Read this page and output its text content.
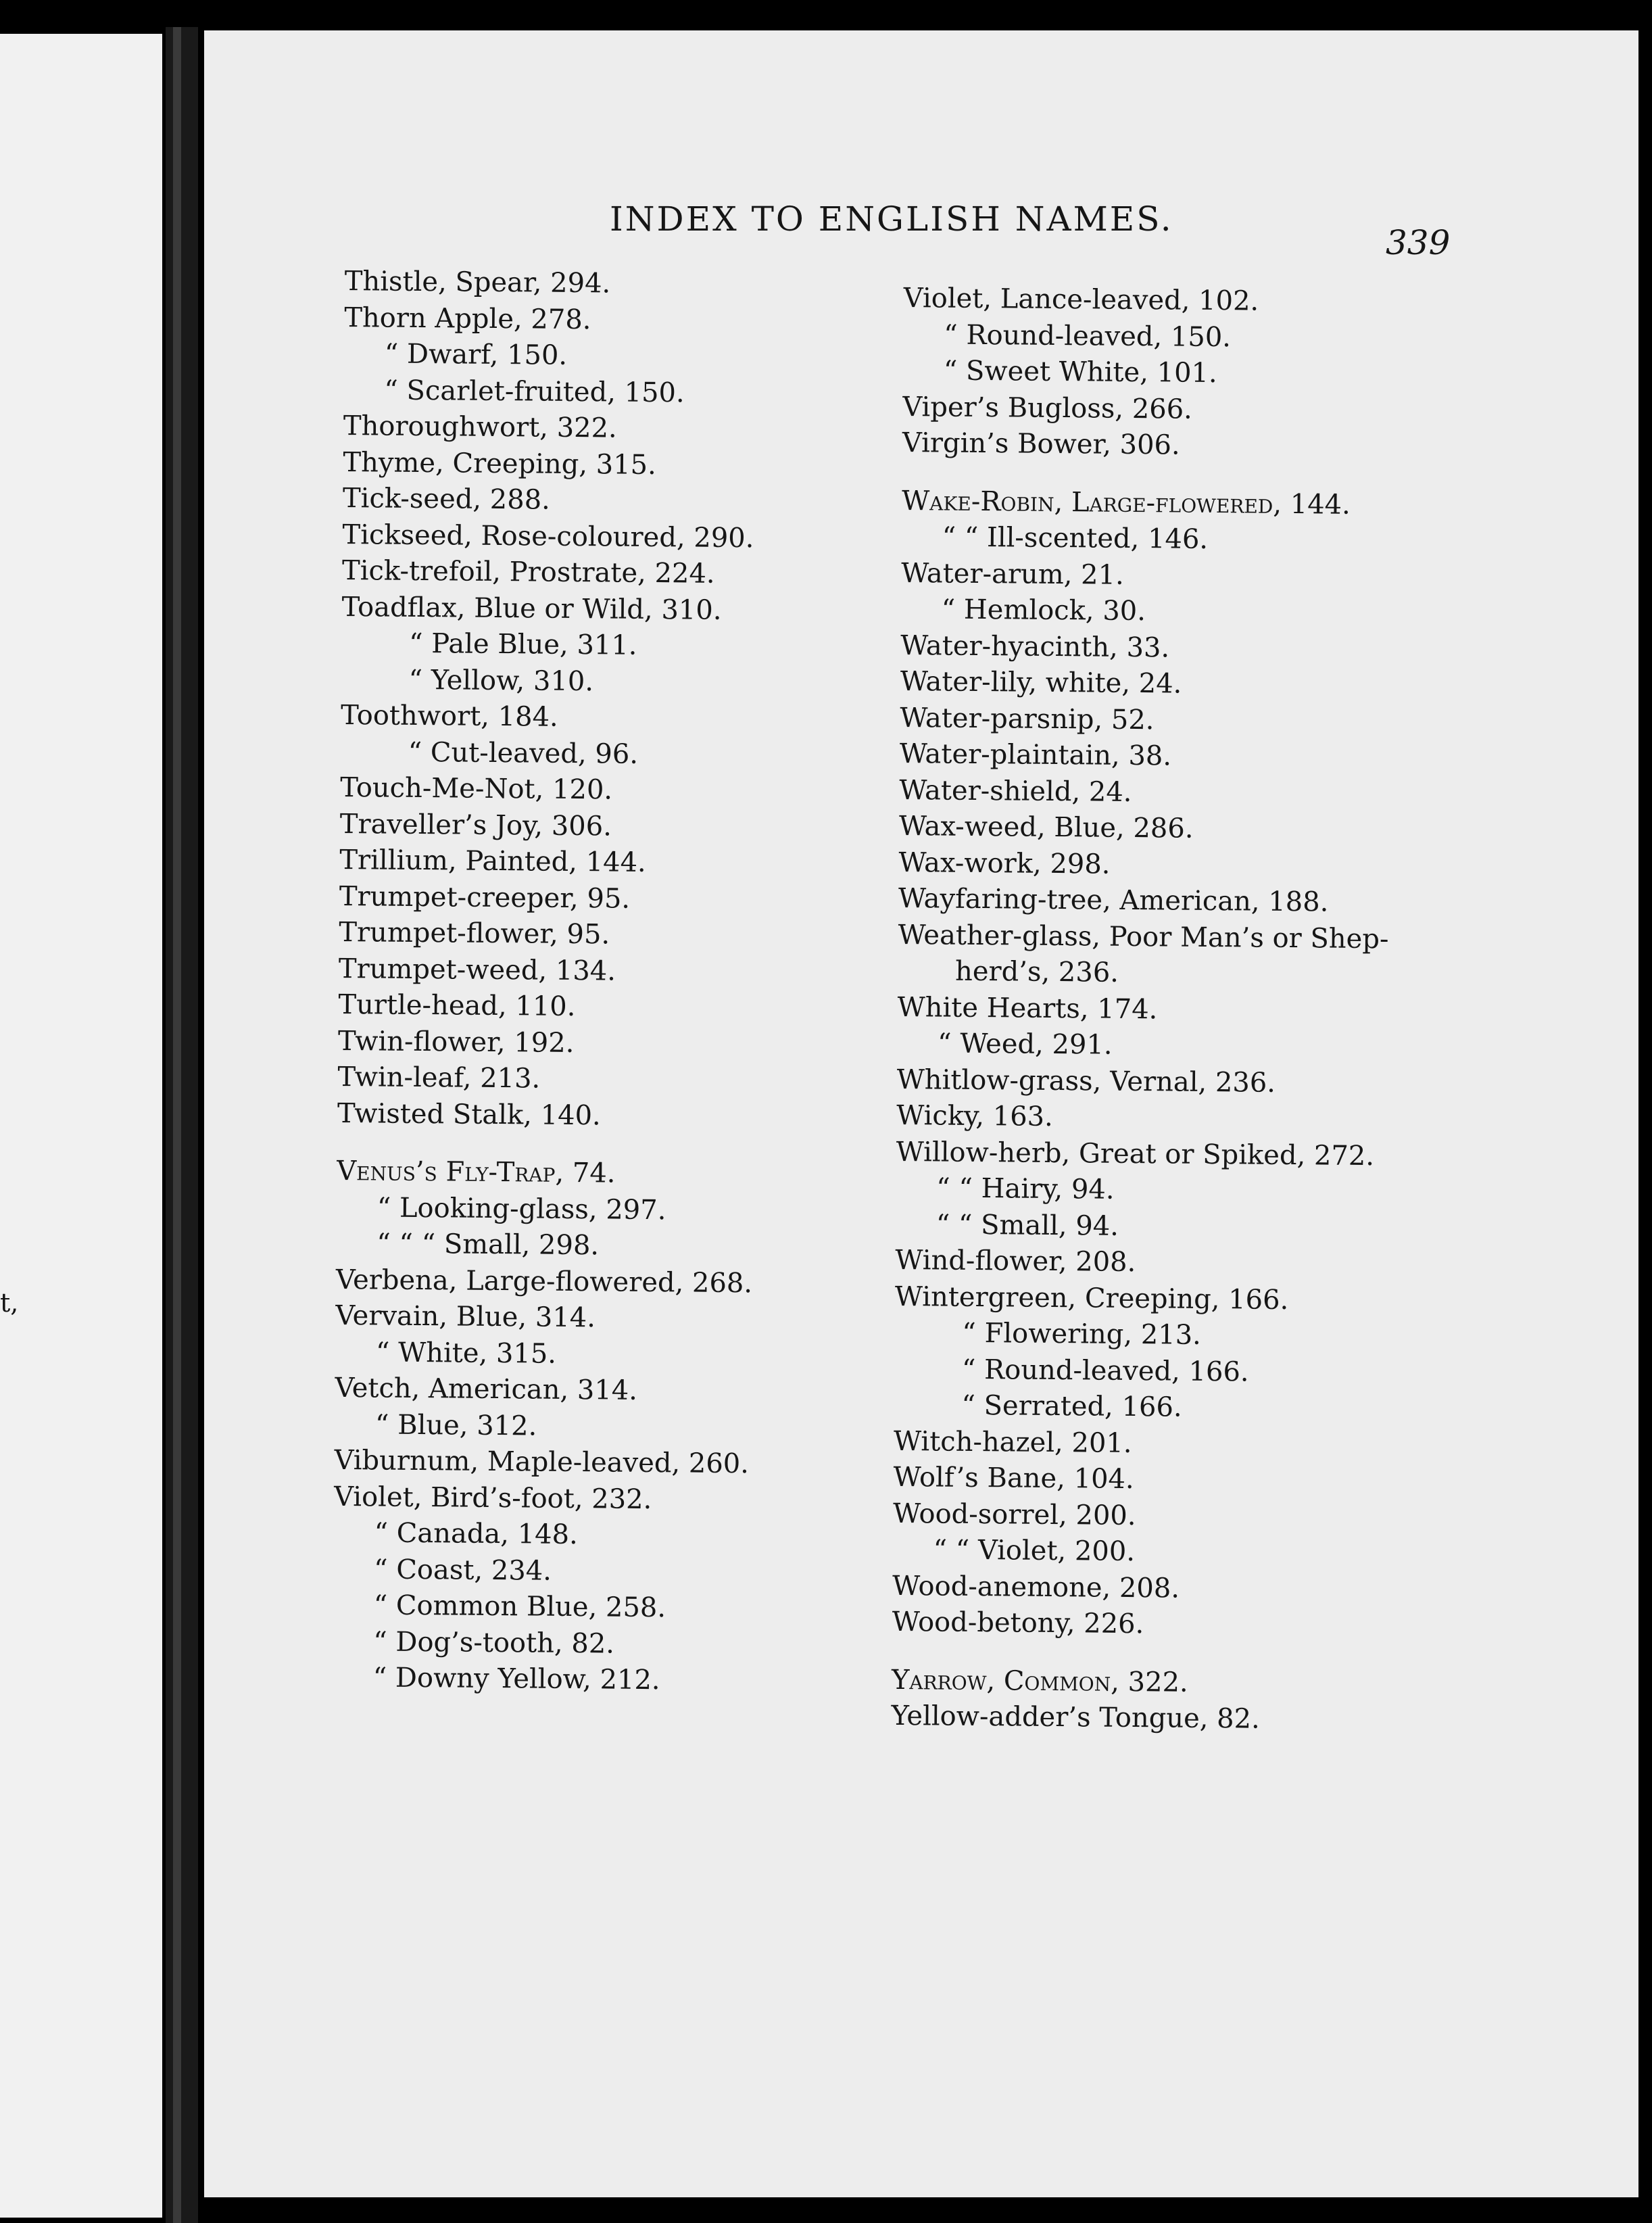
t,
INDEX TO ENGLISH NAMES.
339
Thistle, Spear, 294.
Thorn Apple, 278.
“ Dwarf, 150.
“ Scarlet-fruited, 150.
Thoroughwort, 322.
Thyme, Creeping, 315.
Tick-seed, 288.
Tickseed, Rose-coloured, 290.
Tick-trefoil, Prostrate, 224.
Toadflax, Blue or Wild, 310.
“ Pale Blue, 311.
“ Yellow, 310.
Toothwort, 184.
“ Cut-leaved, 96.
Touch-Me-Not, 120.
Traveller’s Joy, 306.
Trillium, Painted, 144.
Trumpet-creeper, 95.
Trumpet-flower, 95.
Trumpet-weed, 134.
Turtle-head, 110.
Twin-flower, 192.
Twin-leaf, 213.
Twisted Stalk, 140.
Venus’s Fly-Trap, 74.
“ Looking-glass, 297.
“ “ “ Small, 298.
Verbena, Large-flowered, 268.
Vervain, Blue, 314.
“ White, 315.
Vetch, American, 314.
“ Blue, 312.
Viburnum, Maple-leaved, 260.
Violet, Bird’s-foot, 232.
“ Canada, 148.
“ Coast, 234.
“ Common Blue, 258.
“ Dog’s-tooth, 82.
“ Downy Yellow, 212.
Violet, Lance-leaved, 102.
“ Round-leaved, 150.
“ Sweet White, 101.
Viper’s Bugloss, 266.
Virgin’s Bower, 306.
Wake-Robin, Large-flowered, 144.
“ “ Ill-scented, 146.
Water-arum, 21.
“ Hemlock, 30.
Water-hyacinth, 33.
Water-lily, white, 24.
Water-parsnip, 52.
Water-plaintain, 38.
Water-shield, 24.
Wax-weed, Blue, 286.
Wax-work, 298.
Wayfaring-tree, American, 188.
Weather-glass, Poor Man’s or Shep-
herd’s, 236.
White Hearts, 174.
“ Weed, 291.
Whitlow-grass, Vernal, 236.
Wicky, 163.
Willow-herb, Great or Spiked, 272.
“ “ Hairy, 94.
“ “ Small, 94.
Wind-flower, 208.
Wintergreen, Creeping, 166.
“ Flowering, 213.
“ Round-leaved, 166.
“ Serrated, 166.
Witch-hazel, 201.
Wolf’s Bane, 104.
Wood-sorrel, 200.
“ “ Violet, 200.
Wood-anemone, 208.
Wood-betony, 226.
Yarrow, Common, 322.
Yellow-adder’s Tongue, 82.
